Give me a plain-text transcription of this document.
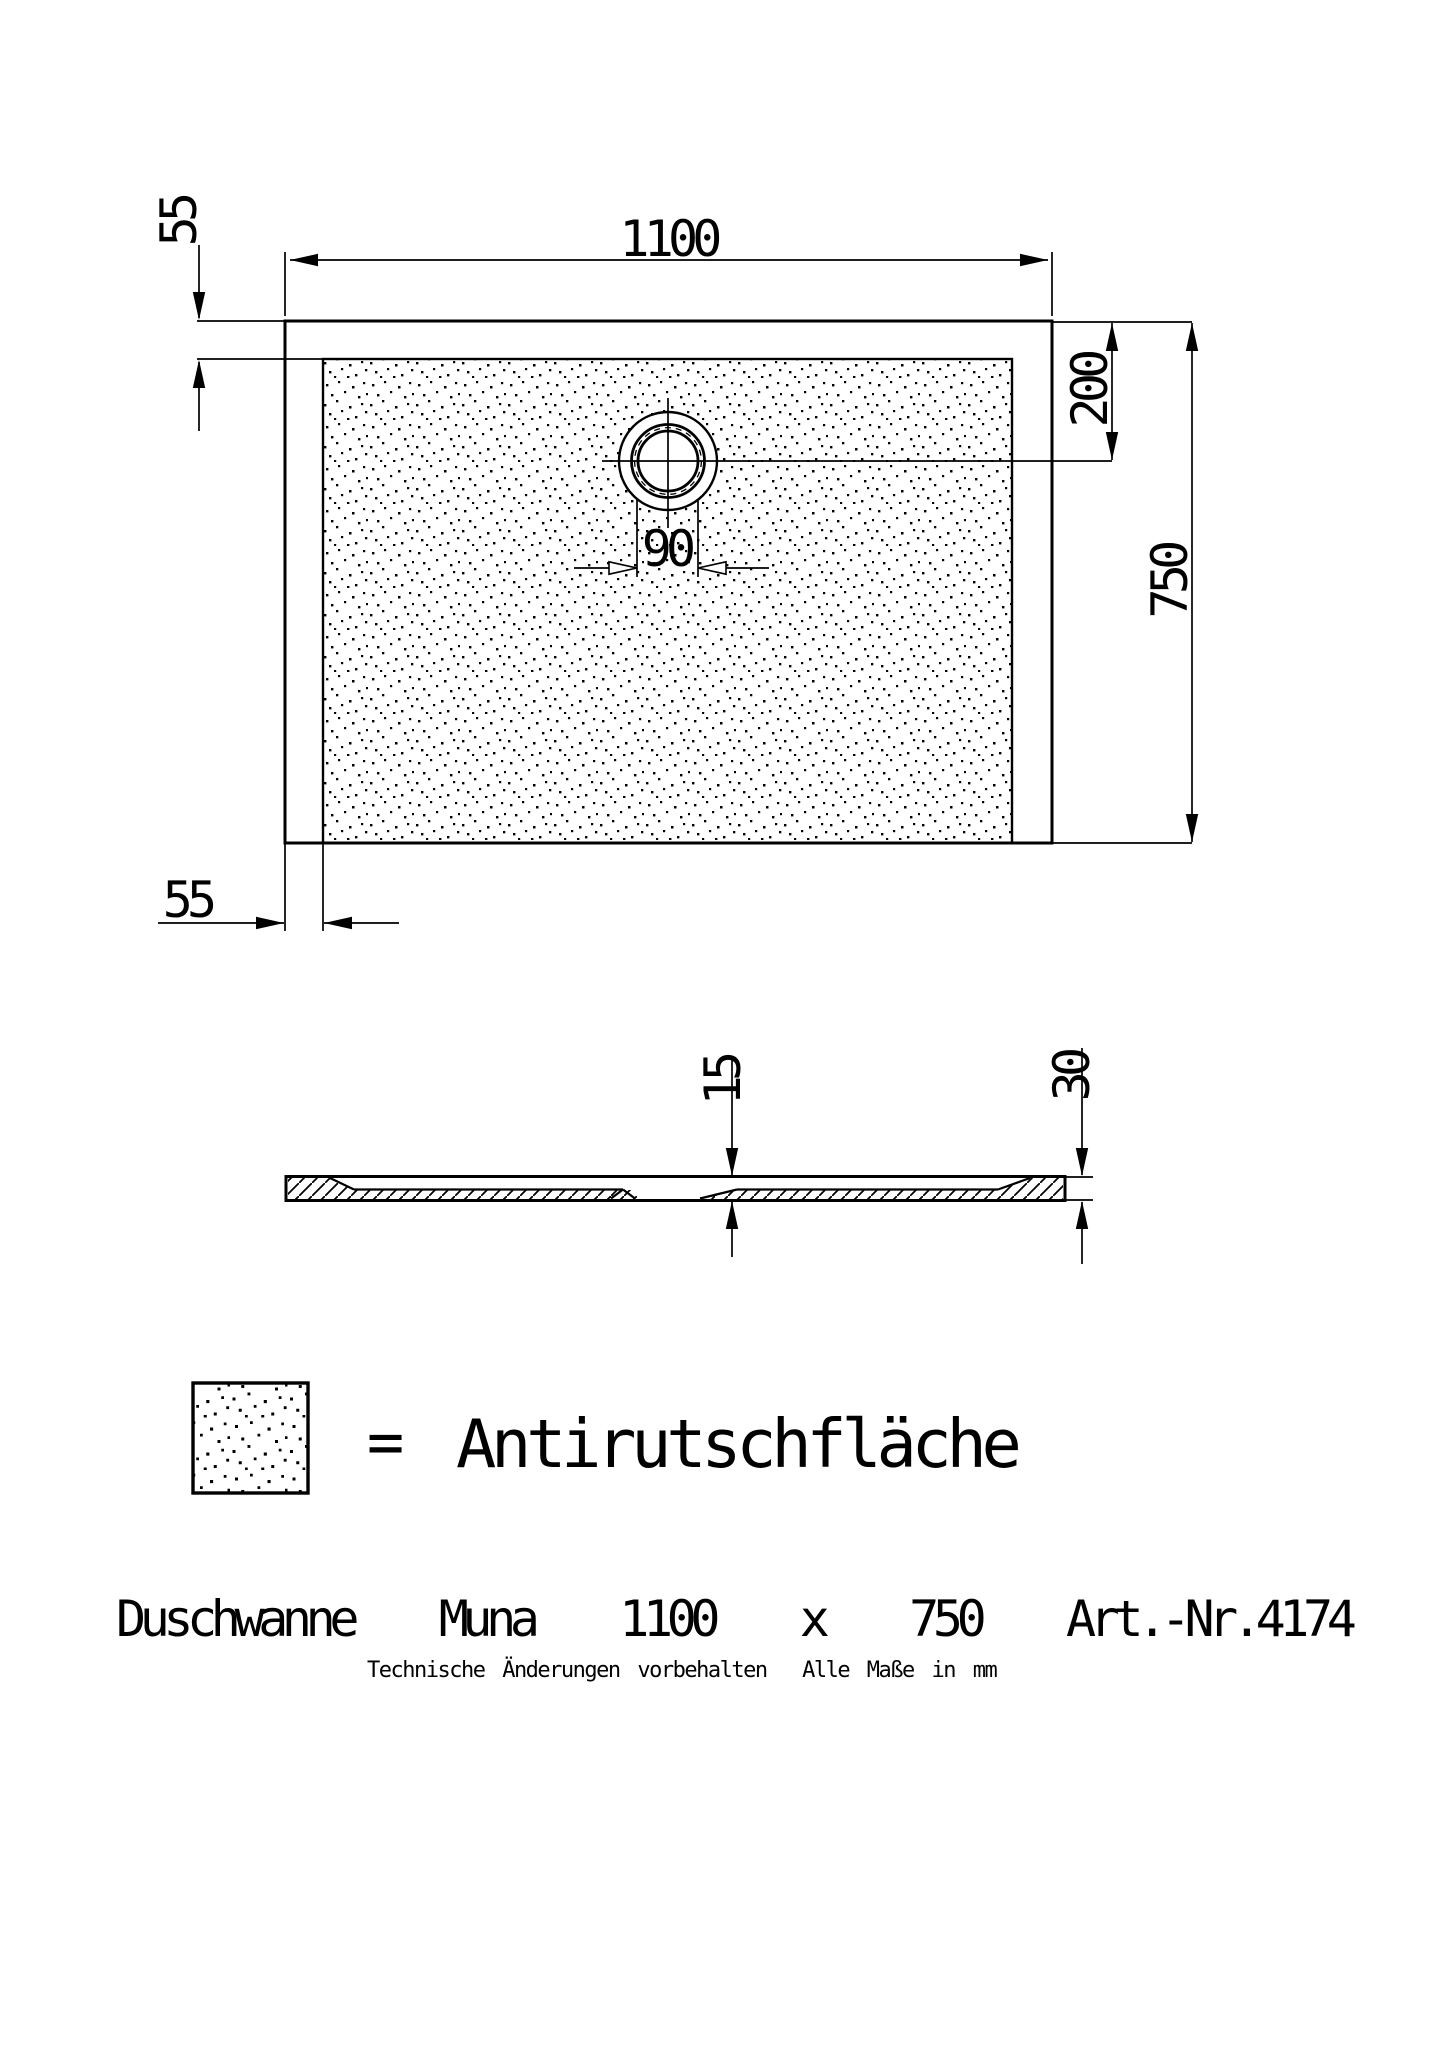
1100
55
200
750
55
90
15	30
= Antirutschfläche
Duschwanne Muna 1100 x 750 Art.-Nr.4174
Technische Änderungen vorbehalten  Alle Maße in mm
